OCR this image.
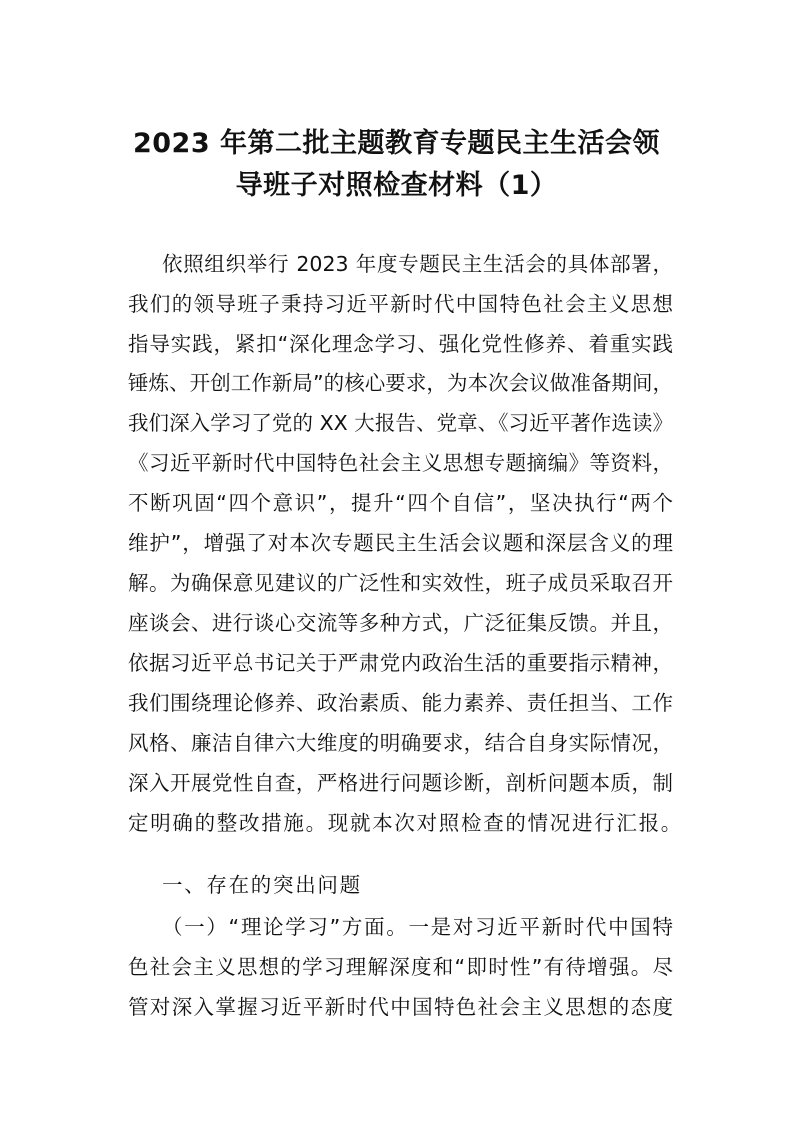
2023 年第二批主题教育专题民主生活会领
导班子对照检查材料（1）
依照组织举行 2023 年度专题民主生活会的具体部署，
我们的领导班子秉持习近平新时代中国特色社会主义思想
指导实践，紧扣“深化理念学习、强化党性修养、着重实践
锤炼、开创工作新局”的核心要求，为本次会议做准备期间，
我们深入学习了党的 XX 大报告、党章、《习近平著作选读》
《习近平新时代中国特色社会主义思想专题摘编》等资料，
不断巩固“四个意识”，提升“四个自信”，坚决执行“两个
维护”，增强了对本次专题民主生活会议题和深层含义的理
解。为确保意见建议的广泛性和实效性，班子成员采取召开
座谈会、进行谈心交流等多种方式，广泛征集反馈。并且，
依据习近平总书记关于严肃党内政治生活的重要指示精神，
我们围绕理论修养、政治素质、能力素养、责任担当、工作
风格、廉洁自律六大维度的明确要求，结合自身实际情况，
深入开展党性自查，严格进行问题诊断，剖析问题本质，制
定明确的整改措施。现就本次对照检查的情况进行汇报。
一、存在的突出问题
（一）“理论学习”方面。一是对习近平新时代中国特
色社会主义思想的学习理解深度和“即时性”有待增强。尽
管对深入掌握习近平新时代中国特色社会主义思想的态度
